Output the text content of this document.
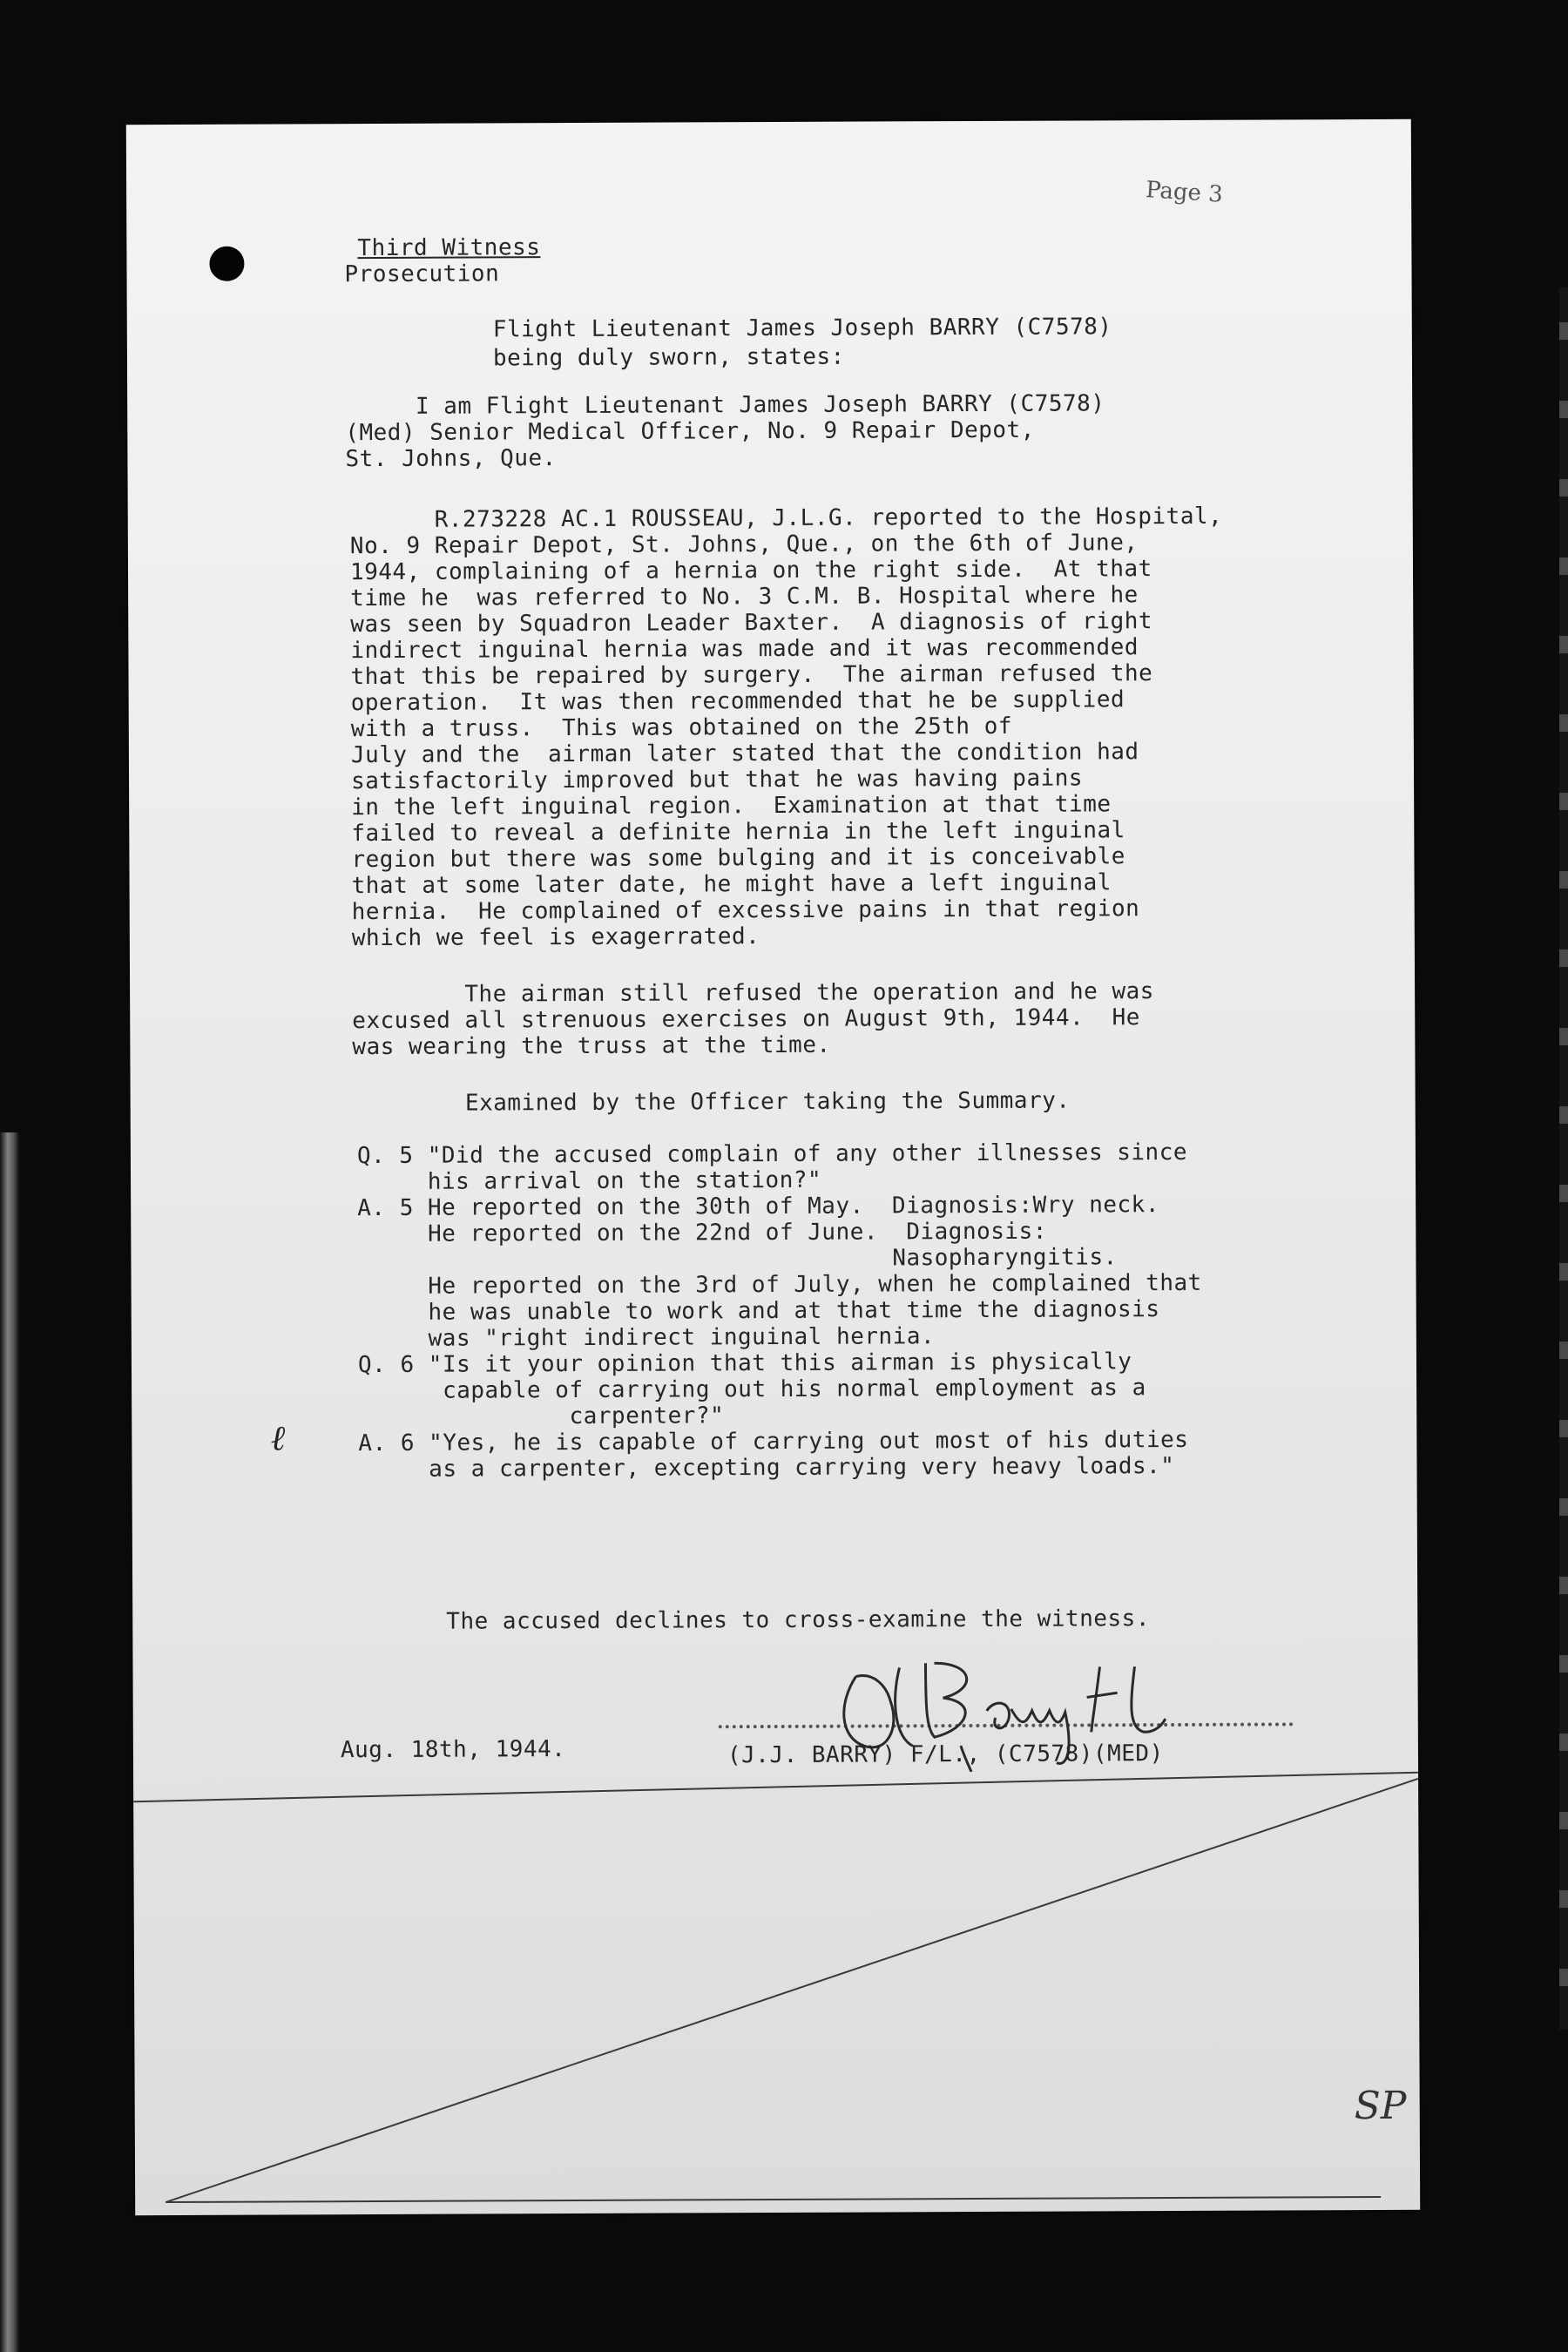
Page 3
Third Witness
Prosecution
Flight Lieutenant James Joseph BARRY (C7578)
being duly sworn, states:
I am Flight Lieutenant James Joseph BARRY (C7578)
(Med) Senior Medical Officer, No. 9 Repair Depot,
St. Johns, Que.
R.273228 AC.1 ROUSSEAU, J.L.G. reported to the Hospital,
No. 9 Repair Depot, St. Johns, Que., on the 6th of June,
1944, complaining of a hernia on the right side.  At that
time he  was referred to No. 3 C.M. B. Hospital where he
was seen by Squadron Leader Baxter.  A diagnosis of right
indirect inguinal hernia was made and it was recommended
that this be repaired by surgery.  The airman refused the
operation.  It was then recommended that he be supplied
with a truss.  This was obtained on the 25th of
July and the  airman later stated that the condition had
satisfactorily improved but that he was having pains
in the left inguinal region.  Examination at that time
failed to reveal a definite hernia in the left inguinal
region but there was some bulging and it is conceivable
that at some later date, he might have a left inguinal
hernia.  He complained of excessive pains in that region
which we feel is exagerrated.
The airman still refused the operation and he was
excused all strenuous exercises on August 9th, 1944.  He
was wearing the truss at the time.
Examined by the Officer taking the Summary.
Q. 5 "Did the accused complain of any other illnesses since
his arrival on the station?"
A. 5 He reported on the 30th of May.  Diagnosis:Wry neck.
He reported on the 22nd of June.  Diagnosis:
Nasopharyngitis.
He reported on the 3rd of July, when he complained that
he was unable to work and at that time the diagnosis
was "right indirect inguinal hernia.
Q. 6 "Is it your opinion that this airman is physically
capable of carrying out his normal employment as a
carpenter?"
A. 6 "Yes, he is capable of carrying out most of his duties
as a carpenter, excepting carrying very heavy loads."
ℓ
The accused declines to cross-examine the witness.
Aug. 18th, 1944.	(J.J. BARRY) F/L., (C7578)(MED)
SP
